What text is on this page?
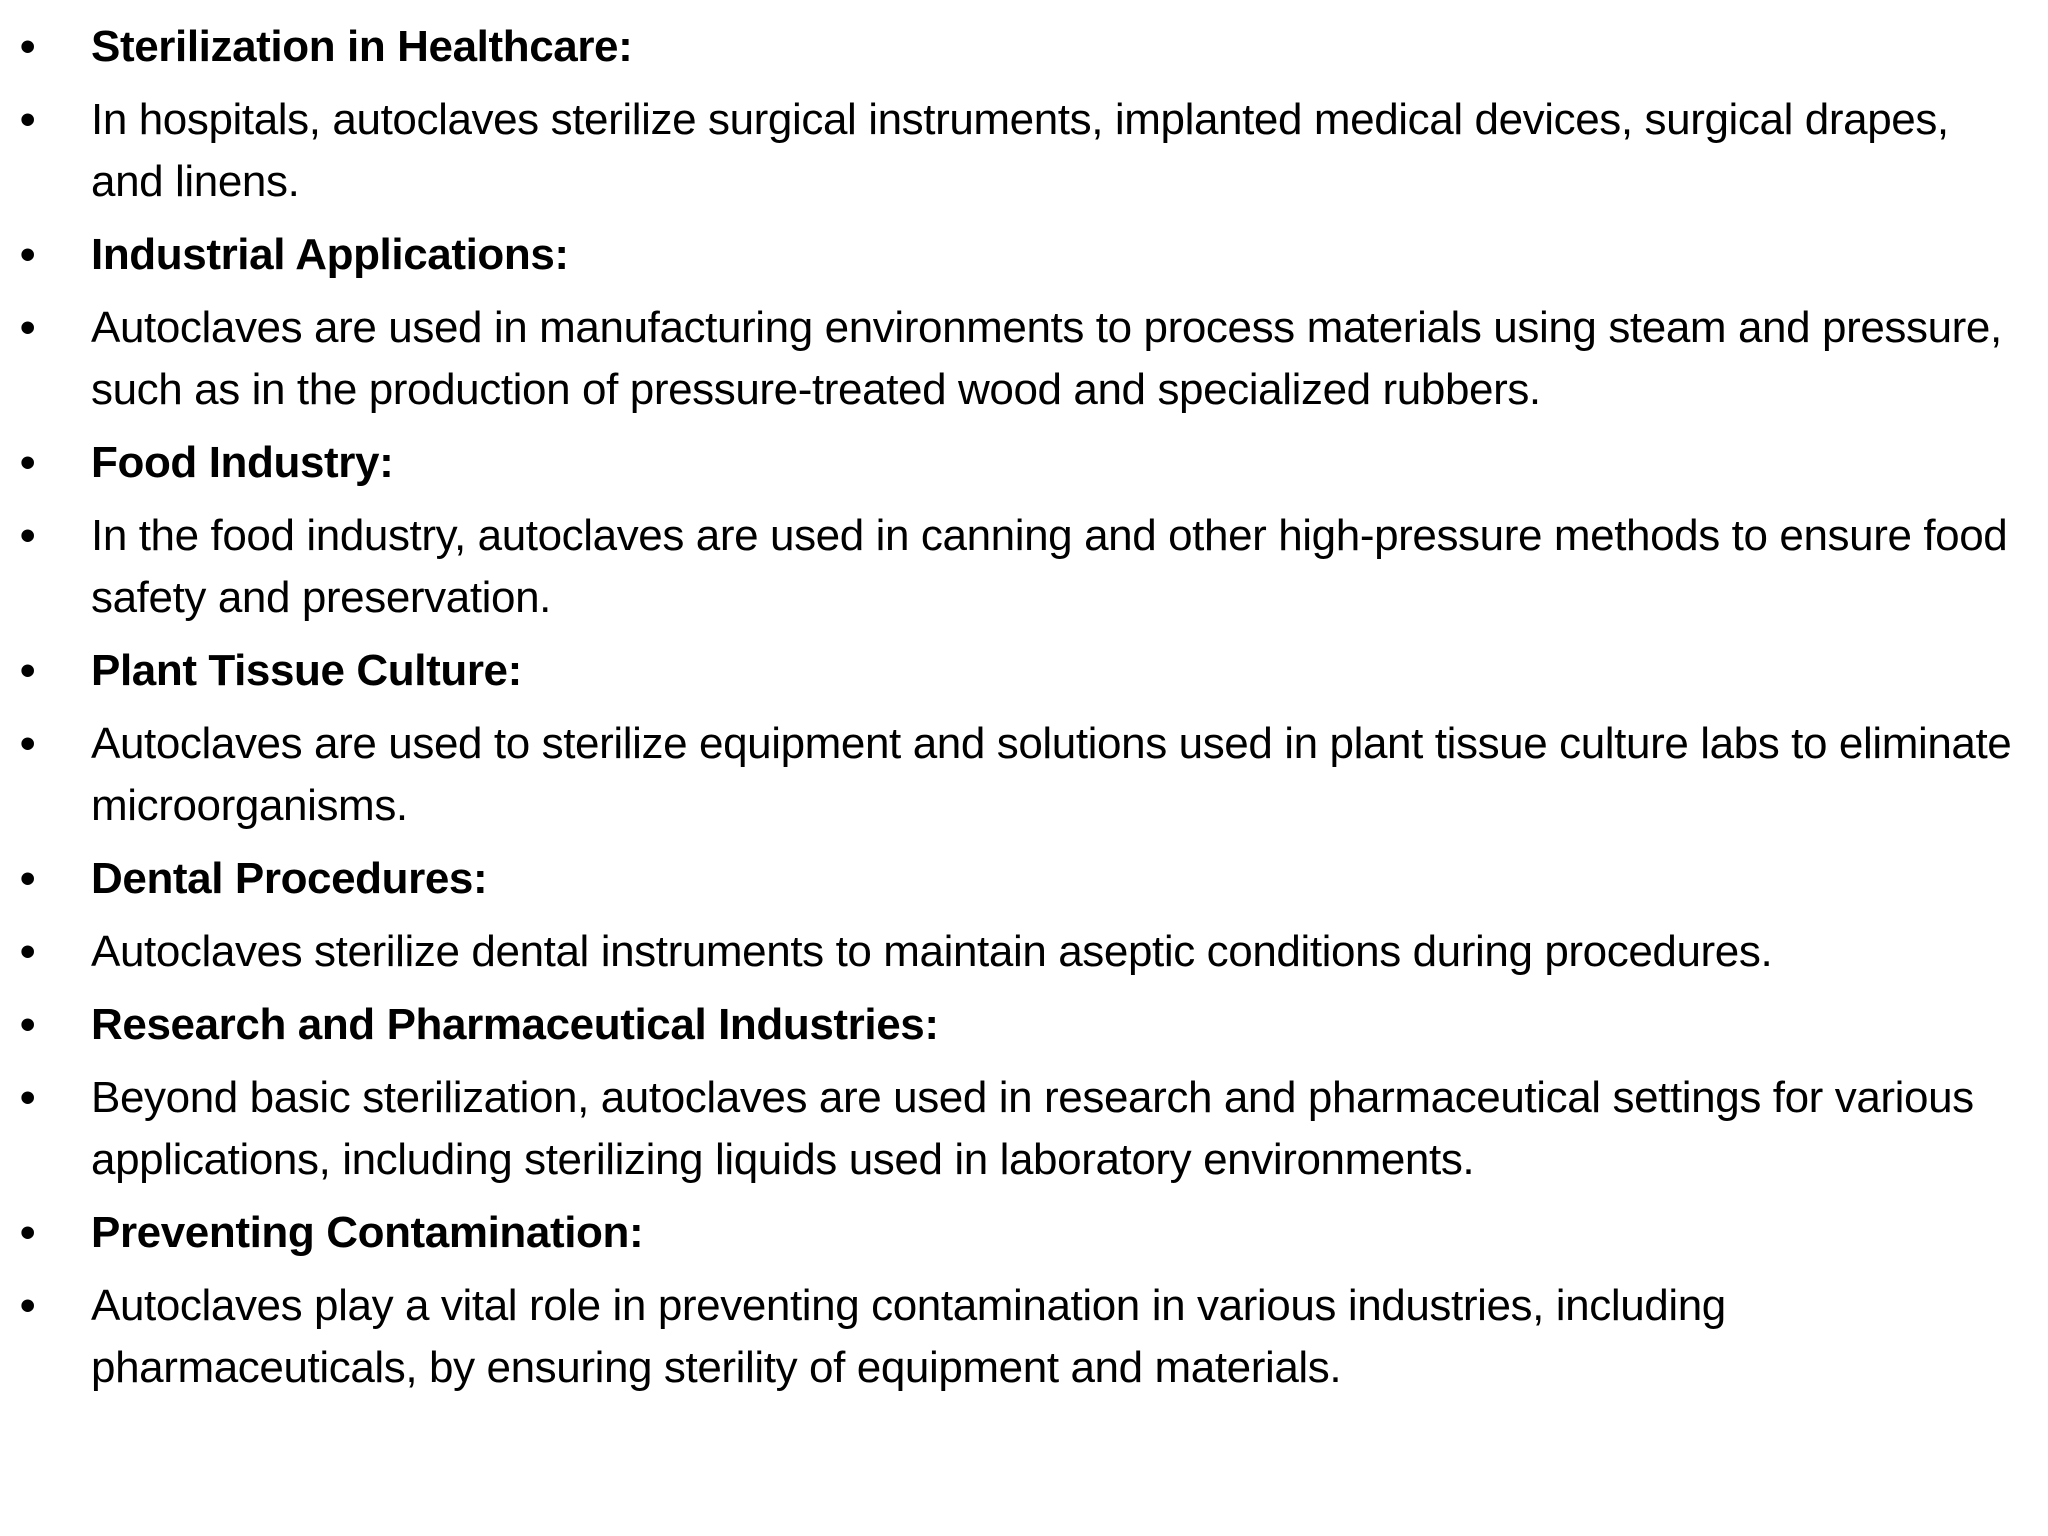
•	Sterilization in Healthcare:
•	In hospitals, autoclaves sterilize surgical instruments, implanted medical devices, surgical drapes, and linens.
•	Industrial Applications:
•	Autoclaves are used in manufacturing environments to process materials using steam and pressure, such as in the production of pressure-treated wood and specialized rubbers.
•	Food Industry:
•	In the food industry, autoclaves are used in canning and other high-pressure methods to ensure food safety and preservation.
•	Plant Tissue Culture:
•	Autoclaves are used to sterilize equipment and solutions used in plant tissue culture labs to eliminate microorganisms.
•	Dental Procedures:
•	Autoclaves sterilize dental instruments to maintain aseptic conditions during procedures.
•	Research and Pharmaceutical Industries:
•	Beyond basic sterilization, autoclaves are used in research and pharmaceutical settings for various applications, including sterilizing liquids used in laboratory environments.
•	Preventing Contamination:
•	Autoclaves play a vital role in preventing contamination in various industries, including pharmaceuticals, by ensuring sterility of equipment and materials.
